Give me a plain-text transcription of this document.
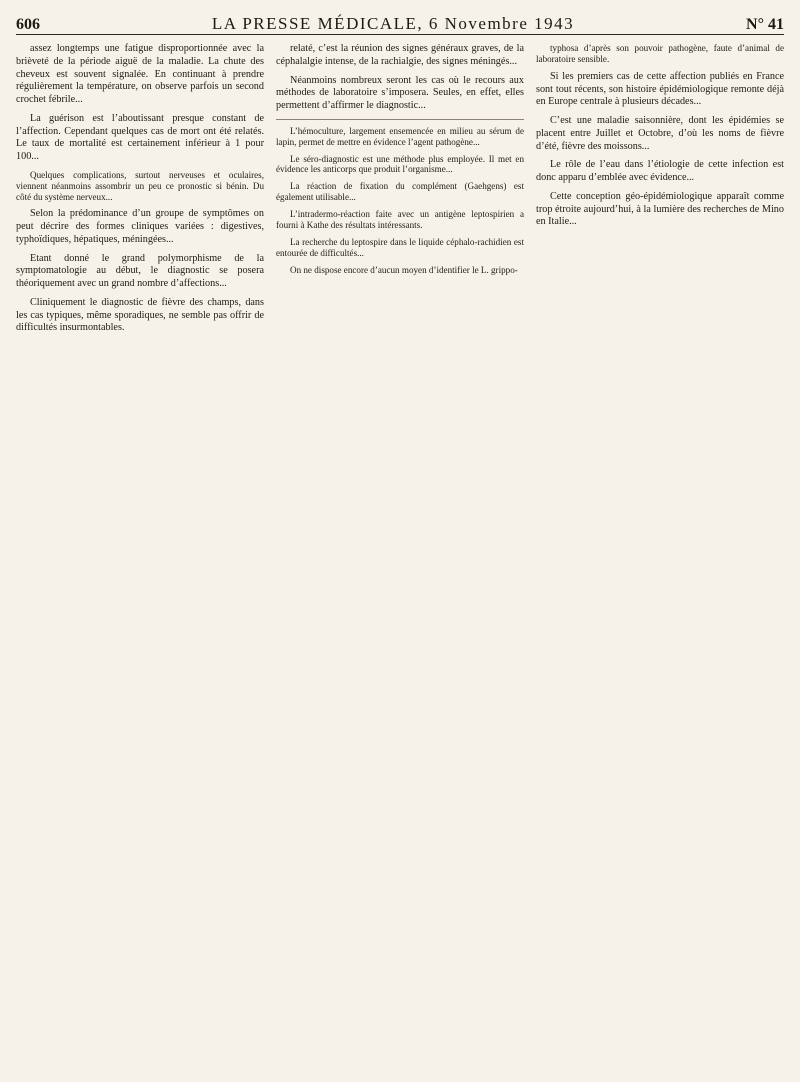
606	LA PRESSE MÉDICALE, 6 Novembre 1943	N° 41

assez longtemps une fatigue disproportionnée avec la brièveté de la période aiguë de la maladie. La chute des cheveux est souvent signalée. En continuant à prendre régulièrement la température, on observe parfois un second crochet fébrile...

La guérison est l’aboutissant presque constant de l’affection. Cependant quelques cas de mort ont été relatés. Le taux de mortalité est certainement inférieur à 1 pour 100...

Quelques complications, surtout nerveuses et oculaires, viennent néanmoins assombrir un peu ce pronostic si bénin. Du côté du système nerveux...

Selon la prédominance d’un groupe de symptômes on peut décrire des formes cliniques variées : digestives, typhoïdiques, hépatiques, méningées...

Etant donné le grand polymorphisme de la symptomatologie au début, le diagnostic se posera théoriquement avec un grand nombre d’affections...

Cliniquement le diagnostic de fièvre des champs, dans les cas typiques, même sporadiques, ne semble pas offrir de difficultés insurmontables.

relaté, c’est la réunion des signes généraux graves, de la céphalalgie intense, de la rachialgie, des signes méningés...

Néanmoins nombreux seront les cas où le recours aux méthodes de laboratoire s’imposera. Seules, en effet, elles permettent d’affirmer le diagnostic...

L’hémoculture, largement ensemencée en milieu au sérum de lapin, permet de mettre en évidence l’agent pathogène...

Le séro-diagnostic est une méthode plus employée. Il met en évidence les anticorps que produit l’organisme...

La réaction de fixation du complément (Gaehgens) est également utilisable...

L’intradermo-réaction faite avec un antigène leptospirien a fourni à Kathe des résultats intéressants.

La recherche du leptospire dans le liquide céphalo-rachidien est entourée de difficultés...

On ne dispose encore d’aucun moyen d’identifier le L. grippo-

typhosa d’après son pouvoir pathogène, faute d’animal de laboratoire sensible.

Si les premiers cas de cette affection publiés en France sont tout récents, son histoire épidémiologique remonte déjà en Europe centrale à plusieurs décades...

C’est une maladie saisonnière, dont les épidémies se placent entre Juillet et Octobre, d’où les noms de fièvre d’été, fièvre des moissons...

Le rôle de l’eau dans l’étiologie de cette infection est donc apparu d’emblée avec évidence...

Cette conception géo-épidémiologique apparaît comme trop étroite aujourd’hui, à la lumière des recherches de Mino en Italie...
